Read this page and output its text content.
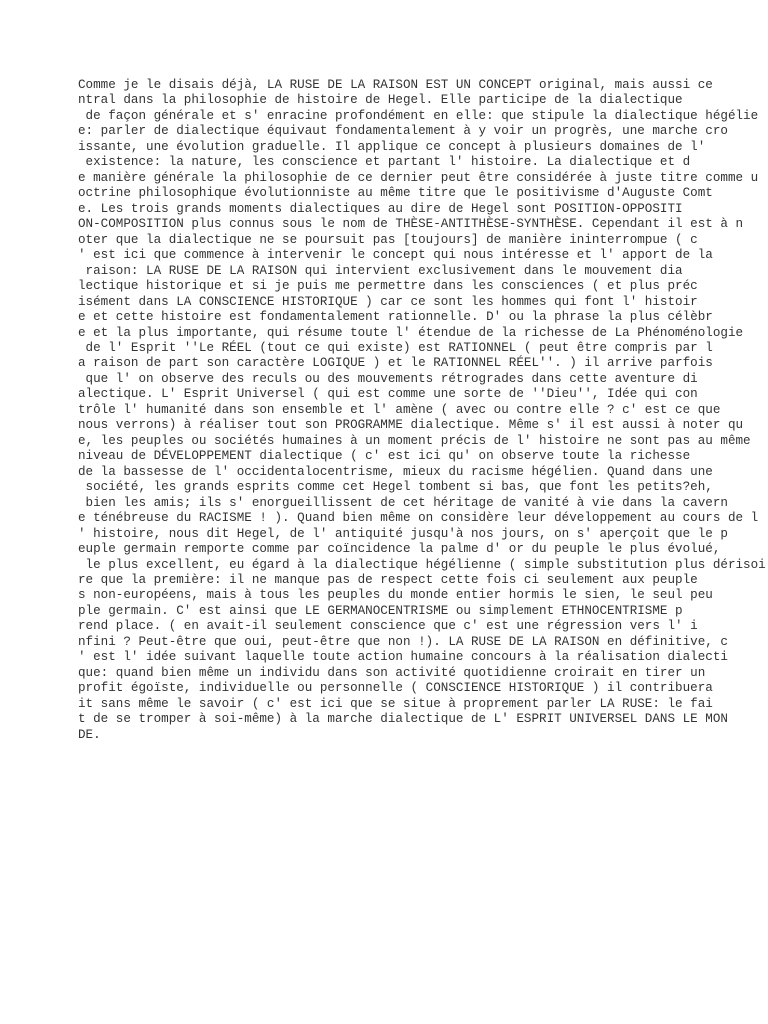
Comme je le disais déjà, LA RUSE DE LA RAISON EST UN CONCEPT original, mais aussi ce
ntral dans la philosophie de histoire de Hegel. Elle participe de la dialectique
de façon générale et s' enracine profondément en elle: que stipule la dialectique hégélie
e: parler de dialectique équivaut fondamentalement à y voir un progrès, une marche cro
issante, une évolution graduelle. Il applique ce concept à plusieurs domaines de l'
existence: la nature, les conscience et partant l' histoire. La dialectique et d
e manière générale la philosophie de ce dernier peut être considérée à juste titre comme u
octrine philosophique évolutionniste au même titre que le positivisme d'Auguste Comt
e. Les trois grands moments dialectiques au dire de Hegel sont POSITION-OPPOSITI
ON-COMPOSITION plus connus sous le nom de THÈSE-ANTITHÈSE-SYNTHÈSE. Cependant il est à n
oter que la dialectique ne se poursuit pas [toujours] de manière ininterrompue ( c
' est ici que commence à intervenir le concept qui nous intéresse et l' apport de la
raison: LA RUSE DE LA RAISON qui intervient exclusivement dans le mouvement dia
lectique historique et si je puis me permettre dans les consciences ( et plus préc
isément dans LA CONSCIENCE HISTORIQUE ) car ce sont les hommes qui font l' histoir
e et cette histoire est fondamentalement rationnelle. D' ou la phrase la plus célèbr
e et la plus importante, qui résume toute l' étendue de la richesse de La Phénoménologie
de l' Esprit ''Le RÉEL (tout ce qui existe) est RATIONNEL ( peut être compris par l
a raison de part son caractère LOGIQUE ) et le RATIONNEL RÉEL''. ) il arrive parfois
que l' on observe des reculs ou des mouvements rétrogrades dans cette aventure di
alectique. L' Esprit Universel ( qui est comme une sorte de ''Dieu'', Idée qui con
trôle l' humanité dans son ensemble et l' amène ( avec ou contre elle ? c' est ce que
nous verrons) à réaliser tout son PROGRAMME dialectique. Même s' il est aussi à noter qu
e, les peuples ou sociétés humaines à un moment précis de l' histoire ne sont pas au même
niveau de DÉVELOPPEMENT dialectique ( c' est ici qu' on observe toute la richesse
de la bassesse de l' occidentalocentrisme, mieux du racisme hégélien. Quand dans une
société, les grands esprits comme cet Hegel tombent si bas, que font les petits?eh,
bien les amis; ils s' enorgueillissent de cet héritage de vanité à vie dans la cavern
e ténébreuse du RACISME ! ). Quand bien même on considère leur développement au cours de l
' histoire, nous dit Hegel, de l' antiquité jusqu'à nos jours, on s' aperçoit que le p
euple germain remporte comme par coïncidence la palme d' or du peuple le plus évolué,
le plus excellent, eu égard à la dialectique hégélienne ( simple substitution plus dérisoi
re que la première: il ne manque pas de respect cette fois ci seulement aux peuple
s non-européens, mais à tous les peuples du monde entier hormis le sien, le seul peu
ple germain. C' est ainsi que LE GERMANOCENTRISME ou simplement ETHNOCENTRISME p
rend place. ( en avait-il seulement conscience que c' est une régression vers l' i
nfini ? Peut-être que oui, peut-être que non !). LA RUSE DE LA RAISON en définitive, c
' est l' idée suivant laquelle toute action humaine concours à la réalisation dialecti
que: quand bien même un individu dans son activité quotidienne croirait en tirer un
profit égoïste, individuelle ou personnelle ( CONSCIENCE HISTORIQUE ) il contribuera
it sans même le savoir ( c' est ici que se situe à proprement parler LA RUSE: le fai
t de se tromper à soi-même) à la marche dialectique de L' ESPRIT UNIVERSEL DANS LE MON
DE.
